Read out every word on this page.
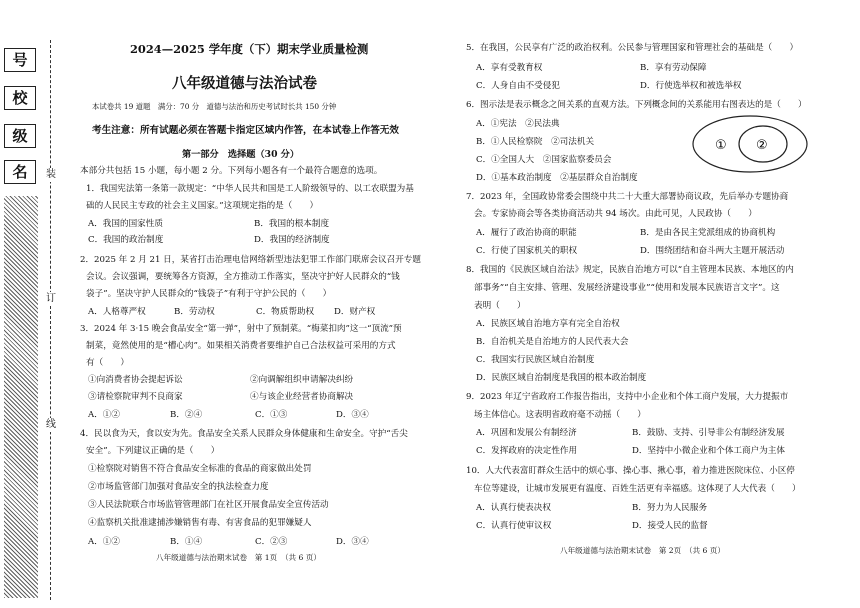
号
校
级
名	装
订
线
2024—2025 学年度（下）期末学业质量检测
八年级道德与法治试卷
本试卷共 19 道题　满分：70 分　道德与法治和历史考试时长共 150 分钟
考生注意：所有试题必须在答题卡指定区域内作答，在本试卷上作答无效
第一部分　选择题（30 分）
本部分共包括 15 小题，每小题 2 分。下列每小题各有一个最符合题意的选项。
1．我国宪法第一条第一款规定：“中华人民共和国是工人阶级领导的、以工农联盟为基
础的人民民主专政的社会主义国家。”这项规定指的是（　　）
A．我国的国家性质	B．我国的根本制度
C．我国的政治制度	D．我国的经济制度
2．2025 年 2 月 21 日，某省打击治理电信网络新型违法犯罪工作部门联席会议召开专题
会议。会议强调，要统筹各方资源，全方推动工作落实，坚决守护好人民群众的“钱
袋子”。坚决守护人民群众的“钱袋子”有利于守护公民的（　　）
A．人格尊严权	B．劳动权	C．物质帮助权 D．财产权
3．2024 年 3·15 晚会食品安全“第一弹”，射中了预制菜。“梅菜扣肉”这一“顶流”预
制菜，竟然使用的是“槽心肉”。如果相关消费者要维护自己合法权益可采用的方式
有（　　）
①向消费者协会提起诉讼	②向调解组织申请解决纠纷
③请检察院审判不良商家	④与该企业经营者协商解决
A．①②	B．②④	C．①③	D．③④
4．民以食为天，食以安为先。食品安全关系人民群众身体健康和生命安全。守护“舌尖
安全”。下列建议正确的是（　　）
①检察院对销售不符合食品安全标准的食品的商家做出处罚
②市场监管部门加强对食品安全的执法检查力度
③人民法院联合市场监管管理部门在社区开展食品安全宣传活动
④监察机关批准逮捕涉嫌销售有毒、有害食品的犯罪嫌疑人
A．①②	B．①④	C．②③	D．③④
八年级道德与法治期末试卷　第 1页　（共 6 页）
5．在我国，公民享有广泛的政治权利。公民参与管理国家和管理社会的基础是（　　）
A．享有受教育权	B．享有劳动保障
C．人身自由不受侵犯	D．行使选举权和被选举权
6．图示法是表示概念之间关系的直观方法。下列概念间的关系能用右图表达的是（　　）
A．①宪法　②民法典
B．①人民检察院　②司法机关
C．①全国人大　②国家监察委员会
D．①基本政治制度　②基层群众自治制度
① ②
7．2023 年，全国政协常委会围绕中共二十大重大部署协商议政，先后举办专题协商
会。专家协商会等各类协商活动共 94 场次。由此可见，人民政协（　　）
A．履行了政治协商的职能	B．是由各民主党派组成的协商机构
C．行使了国家机关的职权	D．围绕团结和奋斗两大主题开展活动
8．我国的《民族区域自治法》规定，民族自治地方可以“自主管理本民族、本地区的内
部事务”“自主安排、管理、发展经济建设事业”“使用和发展本民族语言文字”。这
表明（　　）
A．民族区域自治地方享有完全自治权
B．自治机关是自治地方的人民代表大会
C．我国实行民族区域自治制度
D．民族区域自治制度是我国的根本政治制度
9．2023 年辽宁省政府工作报告指出，支持中小企业和个体工商户发展，大力提振市
场主体信心。这表明省政府毫不动摇（　　）
A．巩固和发展公有制经济	B．鼓励、支持、引导非公有制经济发展
C．发挥政府的决定性作用	D．坚持中小微企业和个体工商户为主体
10．人大代表富盯群众生活中的烦心事、操心事、揪心事，着力推进医院床位、小区停
车位等建设，让城市发展更有温度、百姓生活更有幸福感。这体现了人大代表（　　）
A．认真行使表决权	B．努力为人民服务
C．认真行使审议权	D．接受人民的监督
八年级道德与法治期末试卷　第 2页　（共 6 页）
